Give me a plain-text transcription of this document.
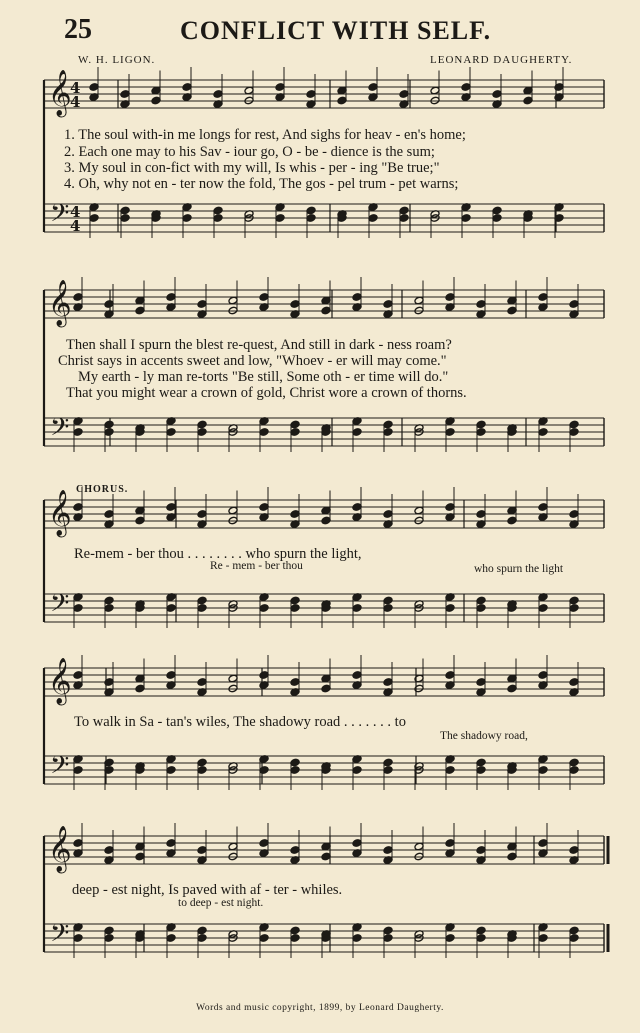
25	CONFLICT WITH SELF.
W. H. LIGON.	LEONARD DAUGHERTY.
𝄞
𝄢
4
4
4
4
𝄞
𝄢
𝄞
𝄢
𝄞
𝄢
𝄞
𝄢
1. The soul with-in me longs for rest, And sighs for heav - en's home;
2. Each one may to his Sav - iour go, O - be - dience is the sum;
3. My soul in con-fict with my will, Is whis - per - ing "Be true;"
4. Oh, why not en - ter now the fold, The gos - pel trum - pet warns;
Then shall I spurn the blest re-quest, And still in dark - ness roam?
Christ says in accents sweet and low, "Whoev - er will may come."
My earth - ly man re-torts "Be still, Some oth - er time will do."
That you might wear a crown of gold, Christ wore a crown of thorns.
CHORUS.
Re-mem - ber thou . . . . . . . . who spurn the light,
Re - mem - ber thou	who spurn the light
To walk in Sa - tan's wiles, The shadowy road . . . . . . . to
The shadowy road,
deep - est night, Is paved with af - ter - whiles.
to deep - est night.
Words and music copyright, 1899, by Leonard Daugherty.
